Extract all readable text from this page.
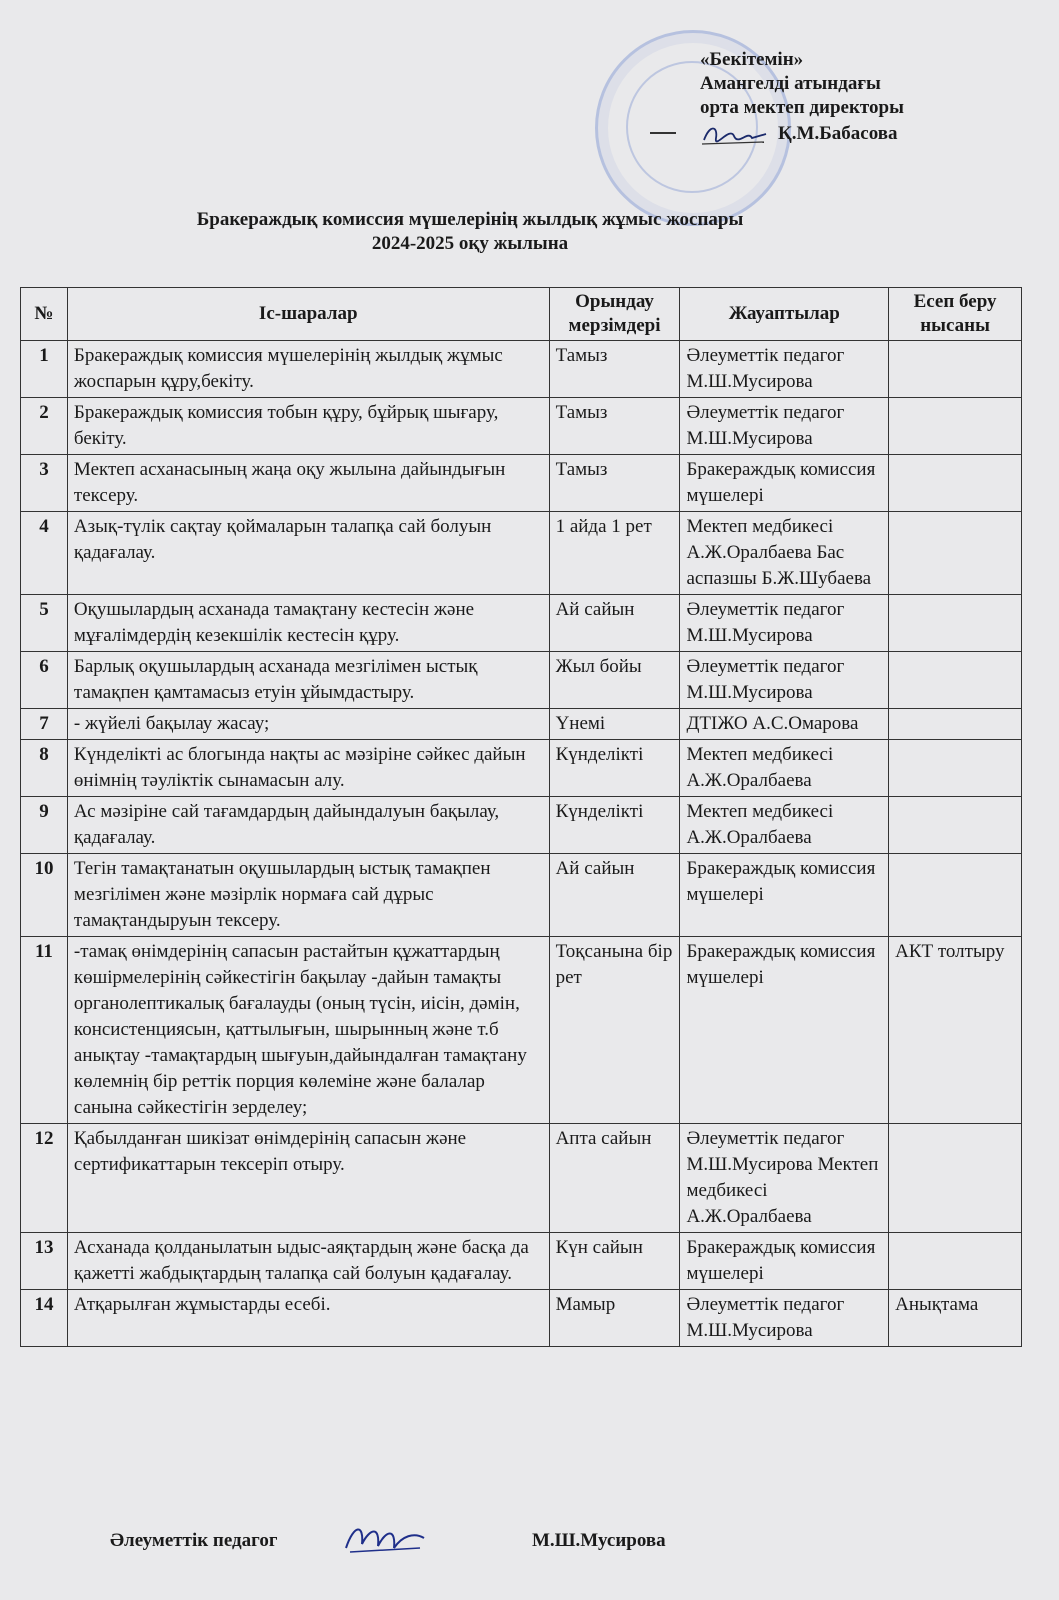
«Бекітемін»
Амангелді атындағы
орта мектеп директоры
Қ.М.Бабасова
Бракераждық комиссия мүшелерінің жылдық жұмыс жоспары
2024-2025 оқу жылына
№	Іс-шаралар	Орындау мерзімдері	Жауаптылар	Есеп беру нысаны
1	Бракераждық комиссия мүшелерінің жылдық жұмыс жоспарын құру,бекіту.	Тамыз	Әлеуметтік педагог М.Ш.Мусирова	
2	Бракераждық комиссия тобын құру, бұйрық шығару, бекіту.	Тамыз	Әлеуметтік педагог М.Ш.Мусирова	
3	Мектеп асханасының жаңа оқу жылына дайындығын тексеру.	Тамыз	Бракераждық комиссия мүшелері	
4	Азық-түлік сақтау қоймаларын талапқа сай болуын қадағалау.	1 айда 1 рет	Мектеп медбикесі А.Ж.Оралбаева Бас аспазшы Б.Ж.Шубаева	
5	Оқушылардың асханада тамақтану кестесін және мұғалімдердің кезекшілік кестесін құру.	Ай сайын	Әлеуметтік педагог М.Ш.Мусирова	
6	Барлық оқушылардың асханада мезгілімен ыстық тамақпен қамтамасыз етуін ұйымдастыру.	Жыл бойы	Әлеуметтік педагог М.Ш.Мусирова	
7	- жүйелі бақылау жасау;	Үнемі	ДТІЖО А.С.Омарова	
8	Күнделікті ас блогында нақты ас мәзіріне сәйкес дайын өнімнің тәуліктік сынамасын алу.	Күнделікті	Мектеп медбикесі А.Ж.Оралбаева	
9	Ас мәзіріне сай тағамдардың дайындалуын бақылау, қадағалау.	Күнделікті	Мектеп медбикесі А.Ж.Оралбаева	
10	Тегін тамақтанатын оқушылардың ыстық тамақпен мезгілімен және мәзірлік нормаға сай дұрыс тамақтандыруын тексеру.	Ай сайын	Бракераждық комиссия мүшелері	
11	-тамақ өнімдерінің сапасын растайтын құжаттардың көшірмелерінің сәйкестігін бақылау -дайын тамақты органолептикалық бағалауды (оның түсін, иісін, дәмін, консистенциясын, қаттылығын, шырынның және т.б анықтау -тамақтардың шығуын,дайындалған тамақтану көлемнің бір реттік порция көлеміне және балалар санына сәйкестігін зерделеу;	Тоқсанына бір рет	Бракераждық комиссия мүшелері	АКТ толтыру
12	Қабылданған шикізат өнімдерінің сапасын және сертификаттарын тексеріп отыру.	Апта сайын	Әлеуметтік педагог М.Ш.Мусирова Мектеп медбикесі А.Ж.Оралбаева	
13	Асханада қолданылатын ыдыс-аяқтардың және басқа да қажетті жабдықтардың талапқа сай болуын қадағалау.	Күн сайын	Бракераждық комиссия мүшелері	
14	Атқарылған жұмыстарды есебі.	Мамыр	Әлеуметтік педагог М.Ш.Мусирова	Анықтама
Әлеуметтік педагог	М.Ш.Мусирова
